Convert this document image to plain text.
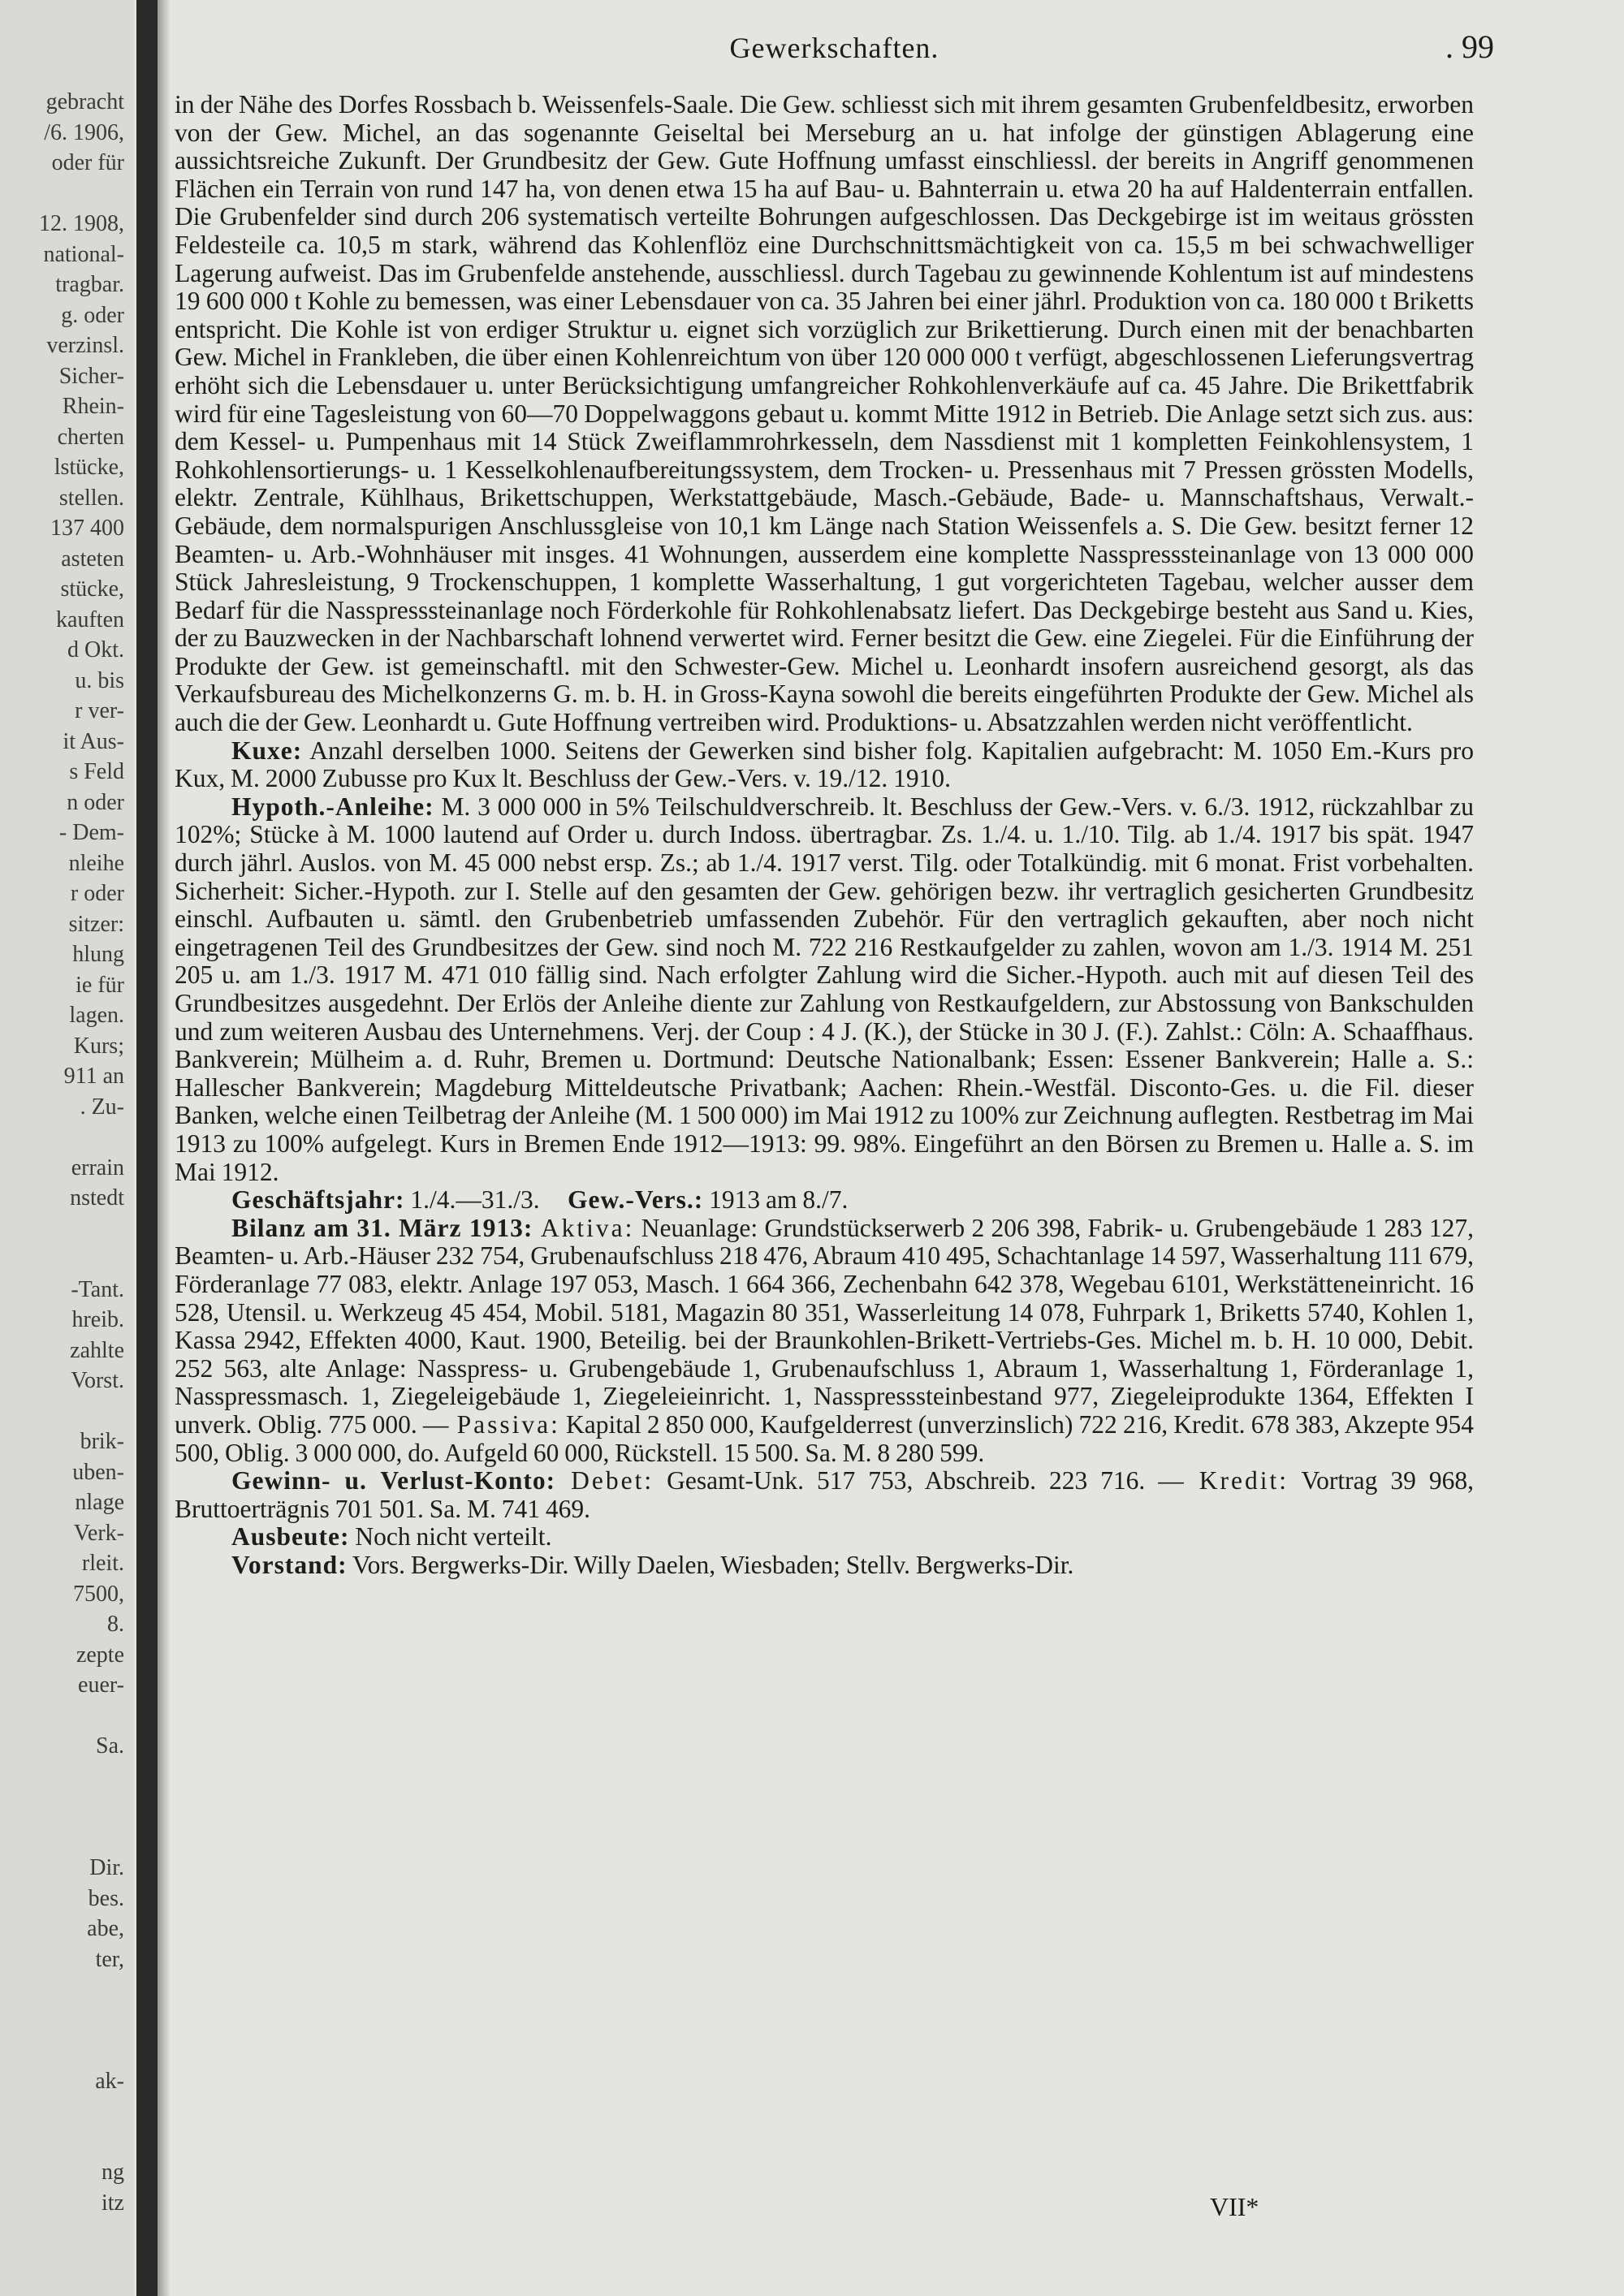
gebracht
/6. 1906,
oder für
12. 1908,
national-
tragbar.
g. oder
verzinsl.
Sicher-
Rhein-
cherten
lstücke,
stellen.
137 400
asteten
stücke,
kauften
d Okt.
u. bis
r ver-
it Aus-
s Feld
n oder
- Dem-
nleihe
r oder
sitzer:
hlung
ie für
lagen.
Kurs;
911 an
. Zu-
errain
nstedt
-Tant.
hreib.
zahlte
Vorst.
brik-
uben-
nlage
Verk-
rleit.
7500,
8.
zepte
euer-
Sa.
Dir.
bes.
abe,
ter,
ak-
ng
itz
Gewerkschaften.	. 99

in der Nähe des Dorfes Rossbach b. Weissenfels-Saale. Die Gew. schliesst sich mit ihrem gesamten Grubenfeldbesitz, erworben von der Gew. Michel, an das sogenannte Geiseltal bei Merseburg an u. hat infolge der günstigen Ablagerung eine aussichtsreiche Zukunft. Der Grundbesitz der Gew. Gute Hoffnung umfasst einschliessl. der bereits in Angriff genommenen Flächen ein Terrain von rund 147 ha, von denen etwa 15 ha auf Bau- u. Bahnterrain u. etwa 20 ha auf Haldenterrain entfallen. Die Grubenfelder sind durch 206 systematisch verteilte Bohrungen aufgeschlossen. Das Deckgebirge ist im weitaus grössten Feldesteile ca. 10,5 m stark, während das Kohlenflöz eine Durchschnittsmächtigkeit von ca. 15,5 m bei schwachwelliger Lagerung aufweist. Das im Grubenfelde anstehende, ausschliessl. durch Tagebau zu gewinnende Kohlentum ist auf mindestens 19 600 000 t Kohle zu bemessen, was einer Lebensdauer von ca. 35 Jahren bei einer jährl. Produktion von ca. 180 000 t Briketts entspricht. Die Kohle ist von erdiger Struktur u. eignet sich vorzüglich zur Brikettierung. Durch einen mit der benachbarten Gew. Michel in Frankleben, die über einen Kohlenreichtum von über 120 000 000 t verfügt, abgeschlossenen Lieferungsvertrag erhöht sich die Lebensdauer u. unter Berücksichtigung umfangreicher Rohkohlenverkäufe auf ca. 45 Jahre. Die Brikettfabrik wird für eine Tagesleistung von 60—70 Doppelwaggons gebaut u. kommt Mitte 1912 in Betrieb. Die Anlage setzt sich zus. aus: dem Kessel- u. Pumpenhaus mit 14 Stück Zweiflammrohrkesseln, dem Nassdienst mit 1 kompletten Feinkohlensystem, 1 Rohkohlensortierungs- u. 1 Kesselkohlenaufbereitungssystem, dem Trocken- u. Pressenhaus mit 7 Pressen grössten Modells, elektr. Zentrale, Kühlhaus, Brikettschuppen, Werkstattgebäude, Masch.-Gebäude, Bade- u. Mannschaftshaus, Verwalt.-Gebäude, dem normalspurigen Anschlussgleise von 10,1 km Länge nach Station Weissenfels a. S. Die Gew. besitzt ferner 12 Beamten- u. Arb.-Wohnhäuser mit insges. 41 Wohnungen, ausserdem eine komplette Nasspresssteinanlage von 13 000 000 Stück Jahresleistung, 9 Trockenschuppen, 1 komplette Wasserhaltung, 1 gut vorgerichteten Tagebau, welcher ausser dem Bedarf für die Nasspresssteinanlage noch Förderkohle für Rohkohlenabsatz liefert. Das Deckgebirge besteht aus Sand u. Kies, der zu Bauzwecken in der Nachbarschaft lohnend verwertet wird. Ferner besitzt die Gew. eine Ziegelei. Für die Einführung der Produkte der Gew. ist gemeinschaftl. mit den Schwester-Gew. Michel u. Leonhardt insofern ausreichend gesorgt, als das Verkaufsbureau des Michelkonzerns G. m. b. H. in Gross-Kayna sowohl die bereits eingeführten Produkte der Gew. Michel als auch die der Gew. Leonhardt u. Gute Hoffnung vertreiben wird. Produktions- u. Absatzzahlen werden nicht veröffentlicht.

Kuxe: Anzahl derselben 1000. Seitens der Gewerken sind bisher folg. Kapitalien aufgebracht: M. 1050 Em.-Kurs pro Kux, M. 2000 Zubusse pro Kux lt. Beschluss der Gew.-Vers. v. 19./12. 1910.

Hypoth.-Anleihe: M. 3 000 000 in 5% Teilschuldverschreib. lt. Beschluss der Gew.-Vers. v. 6./3. 1912, rückzahlbar zu 102%; Stücke à M. 1000 lautend auf Order u. durch Indoss. übertragbar. Zs. 1./4. u. 1./10. Tilg. ab 1./4. 1917 bis spät. 1947 durch jährl. Auslos. von M. 45 000 nebst ersp. Zs.; ab 1./4. 1917 verst. Tilg. oder Totalkündig. mit 6 monat. Frist vorbehalten. Sicherheit: Sicher.-Hypoth. zur I. Stelle auf den gesamten der Gew. gehörigen bezw. ihr vertraglich gesicherten Grundbesitz einschl. Aufbauten u. sämtl. den Grubenbetrieb umfassenden Zubehör. Für den vertraglich gekauften, aber noch nicht eingetragenen Teil des Grundbesitzes der Gew. sind noch M. 722 216 Restkaufgelder zu zahlen, wovon am 1./3. 1914 M. 251 205 u. am 1./3. 1917 M. 471 010 fällig sind. Nach erfolgter Zahlung wird die Sicher.-Hypoth. auch mit auf diesen Teil des Grundbesitzes ausgedehnt. Der Erlös der Anleihe diente zur Zahlung von Restkaufgeldern, zur Abstossung von Bankschulden und zum weiteren Ausbau des Unternehmens. Verj. der Coup : 4 J. (K.), der Stücke in 30 J. (F.). Zahlst.: Cöln: A. Schaaffhaus. Bankverein; Mülheim a. d. Ruhr, Bremen u. Dortmund: Deutsche Nationalbank; Essen: Essener Bankverein; Halle a. S.: Hallescher Bankverein; Magdeburg Mitteldeutsche Privatbank; Aachen: Rhein.-Westfäl. Disconto-Ges. u. die Fil. dieser Banken, welche einen Teilbetrag der Anleihe (M. 1 500 000) im Mai 1912 zu 100% zur Zeichnung auflegten. Restbetrag im Mai 1913 zu 100% aufgelegt. Kurs in Bremen Ende 1912—1913: 99. 98%. Eingeführt an den Börsen zu Bremen u. Halle a. S. im Mai 1912.

Geschäftsjahr: 1./4.—31./3. Gew.-Vers.: 1913 am 8./7.

Bilanz am 31. März 1913: Aktiva: Neuanlage: Grundstückserwerb 2 206 398, Fabrik- u. Grubengebäude 1 283 127, Beamten- u. Arb.-Häuser 232 754, Grubenaufschluss 218 476, Abraum 410 495, Schachtanlage 14 597, Wasserhaltung 111 679, Förderanlage 77 083, elektr. Anlage 197 053, Masch. 1 664 366, Zechenbahn 642 378, Wegebau 6101, Werkstätteneinricht. 16 528, Utensil. u. Werkzeug 45 454, Mobil. 5181, Magazin 80 351, Wasserleitung 14 078, Fuhrpark 1, Briketts 5740, Kohlen 1, Kassa 2942, Effekten 4000, Kaut. 1900, Beteilig. bei der Braunkohlen-Brikett-Vertriebs-Ges. Michel m. b. H. 10 000, Debit. 252 563, alte Anlage: Nasspress- u. Grubengebäude 1, Grubenaufschluss 1, Abraum 1, Wasserhaltung 1, Förderanlage 1, Nasspressmasch. 1, Ziegeleigebäude 1, Ziegeleieinricht. 1, Nasspresssteinbestand 977, Ziegeleiprodukte 1364, Effekten I unverk. Oblig. 775 000. — Passiva: Kapital 2 850 000, Kaufgelderrest (unverzinslich) 722 216, Kredit. 678 383, Akzepte 954 500, Oblig. 3 000 000, do. Aufgeld 60 000, Rückstell. 15 500. Sa. M. 8 280 599.

Gewinn- u. Verlust-Konto: Debet: Gesamt-Unk. 517 753, Abschreib. 223 716. — Kredit: Vortrag 39 968, Bruttoerträgnis 701 501. Sa. M. 741 469.

Ausbeute: Noch nicht verteilt.

Vorstand: Vors. Bergwerks-Dir. Willy Daelen, Wiesbaden; Stellv. Bergwerks-Dir.

VII*
